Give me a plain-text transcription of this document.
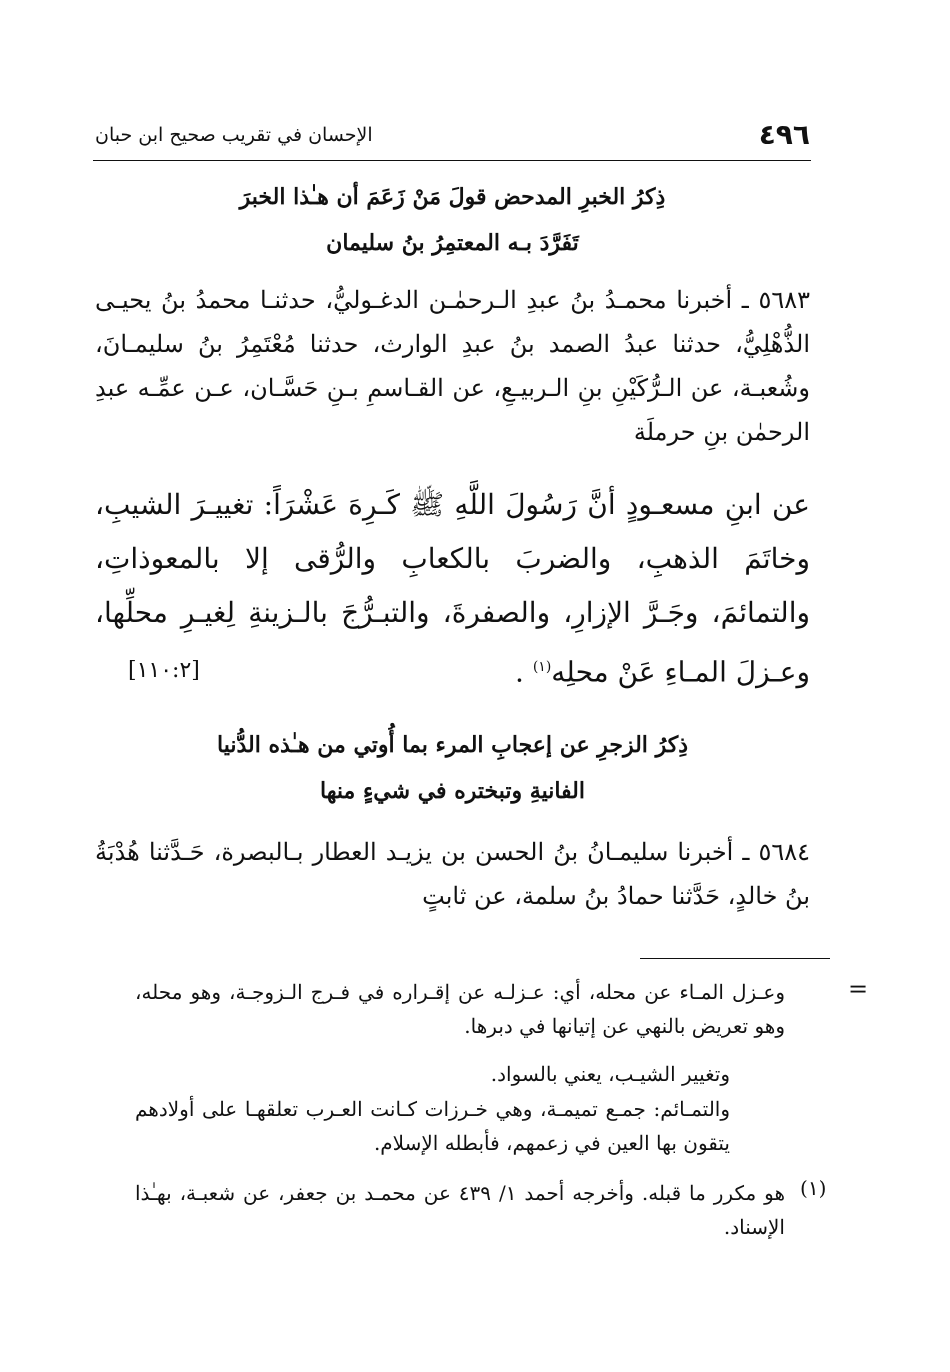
٤٩٦
الإحسان في تقريب صحيح ابن حبان
ذِكرُ الخبرِ المدحض قولَ مَنْ زَعَمَ أن هـٰذا الخبرَ
تَفَرَّدَ بـه المعتمِرُ بنُ سليمان
٥٦٨٣ ـ أخبرنا محمـدُ بنُ عبدِ الـرحمٰـن الدغـوليُّ، حدثنـا محمدُ بنُ يحيـى الذُّهْلِيُّ، حدثنا عبدُ الصمد بنُ عبدِ الوارث، حدثنا مُعْتَمِرُ بنُ سليمـانَ، وشُعبـة، عن الـرُّكَيْنِ بنِ الـربيـعِ، عن القـاسمِ بـنِ حَسَّـان، عـن عمِّـه عبدِ الرحمٰن بنِ حرملَة
عن ابنِ مسعـودٍ أنَّ رَسُولَ اللَّهِ ﷺ كَـرِهَ عَشْرَاً: تغييـرَ الشيبِ، وخاتَمَ الذهبِ، والضربَ بالكعابِ والرُّقى إلا بالمعوذاتِ، والتمائمَ، وجَـرَّ الإزارِ، والصفرةَ، والتبـرُّجَ بالـزينةِ لِغيـرِ محلِّها، وعـزلَ المـاءِ عَنْ محلِه$^{(١)}$ .
[١١٠:٢]
ذِكرُ الزجرِ عن إعجابِ المرء بما أُوتي من هـٰذه الدُّنيا
الفانيةِ وتبختره في شيءٍ منها
٥٦٨٤ ـ أخبرنا سليمـانُ بنُ الحسن بن يزيـد العطار بـالبصرة، حَـدَّثنا هُدْبَةُ بنُ خالدٍ، حَدَّثنا حمادُ بنُ سلمة، عن ثابتٍ
=
وعـزل المـاء عن محله، أي: عـزلـه عن إقـراره في فـرج الـزوجـة، وهو محله، وهو تعريض بالنهي عن إتيانها في دبرها.
وتغيير الشيـب، يعني بالسواد.
والتمـائم: جمـع تميمـة، وهي خـرزات كـانت العـرب تعلقهـا على أولادهم يتقون بها العين في زعمهم، فأبطله الإسلام.
(١)
هو مكرر ما قبله. وأخرجه أحمد ١/ ٤٣٩ عن محمـد بن جعفر، عن شعبـة، بهـٰذا الإسناد.
